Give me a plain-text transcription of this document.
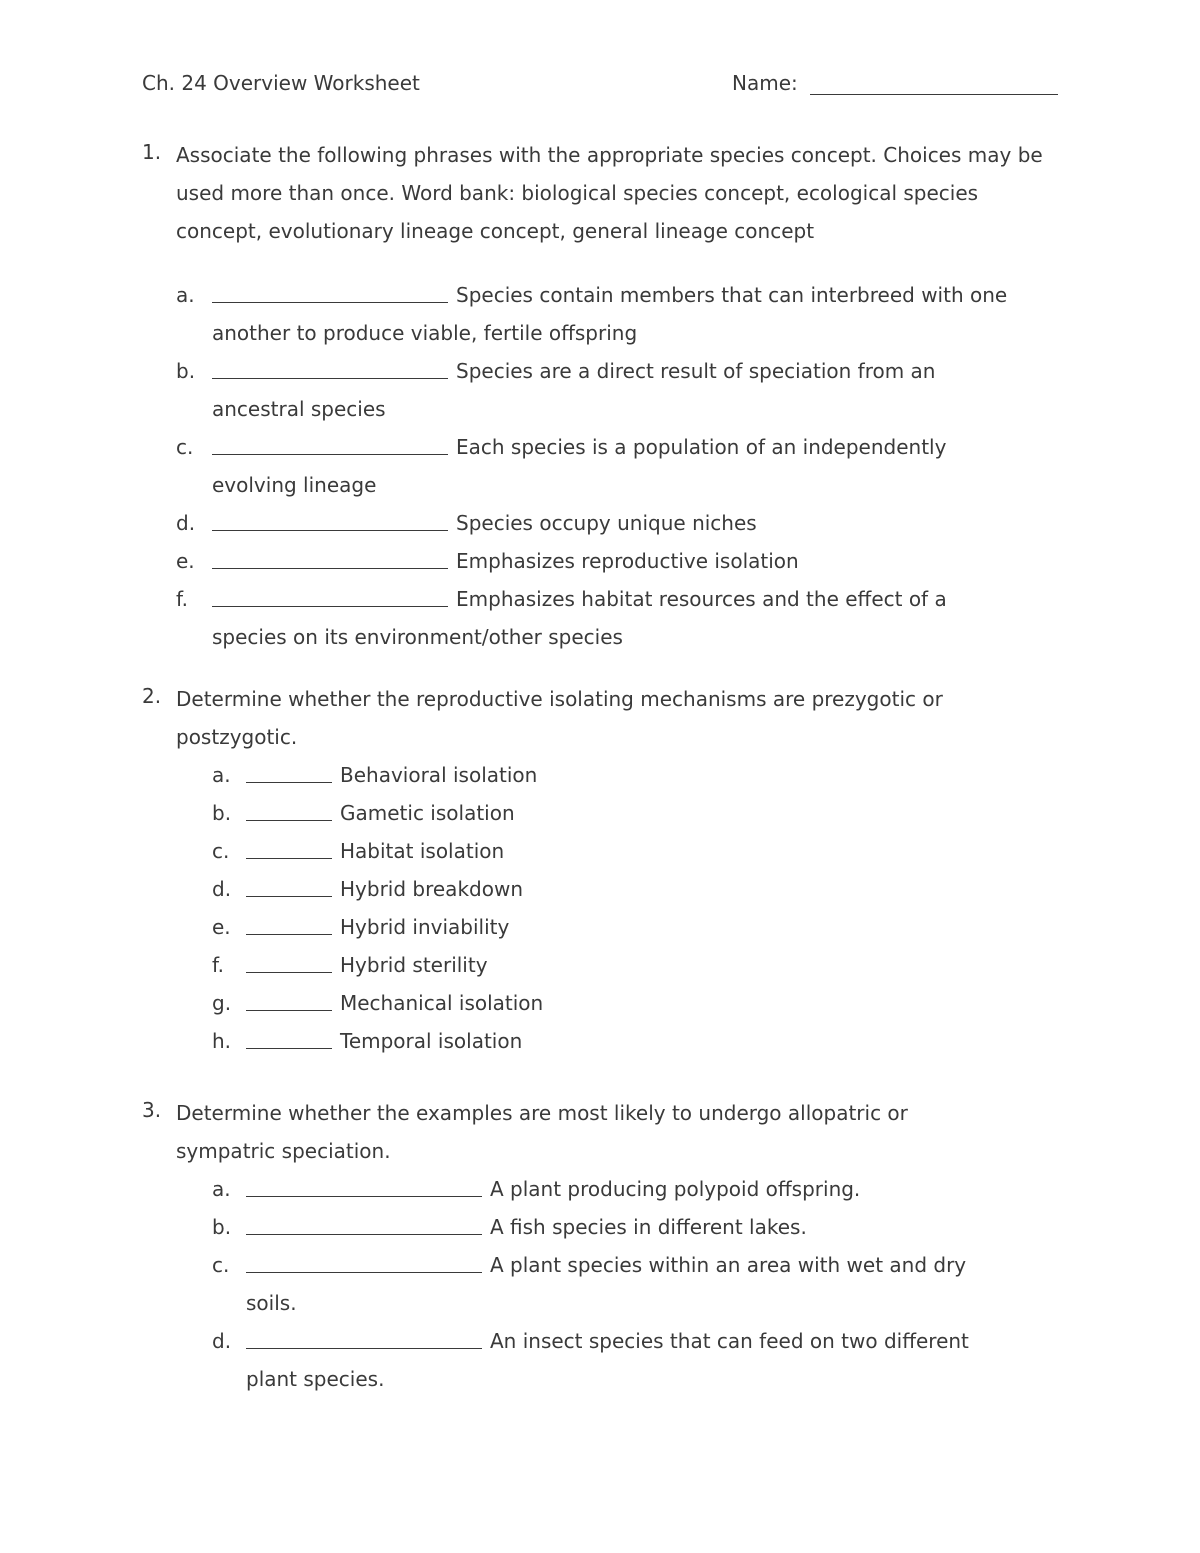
Ch. 24 Overview Worksheet	Name:
1. Associate the following phrases with the appropriate species concept. Choices may be used more than once. Word bank: biological species concept, ecological species concept, evolutionary lineage concept, general lineage concept
a.	Species contain members that can interbreed with one another to produce viable, fertile offspring
b.	Species are a direct result of speciation from an ancestral species
c.	Each species is a population of an independently evolving lineage
d.	Species occupy unique niches
e.	Emphasizes reproductive isolation
f.	Emphasizes habitat resources and the effect of a species on its environment/other species
2. Determine whether the reproductive isolating mechanisms are prezygotic or postzygotic.
a.	Behavioral isolation
b.	Gametic isolation
c.	Habitat isolation
d.	Hybrid breakdown
e.	Hybrid inviability
f.	Hybrid sterility
g.	Mechanical isolation
h.	Temporal isolation
3. Determine whether the examples are most likely to undergo allopatric or sympatric speciation.
a.	A plant producing polypoid offspring.
b.	A fish species in different lakes.
c.	A plant species within an area with wet and dry soils.
d.	An insect species that can feed on two different plant species.
